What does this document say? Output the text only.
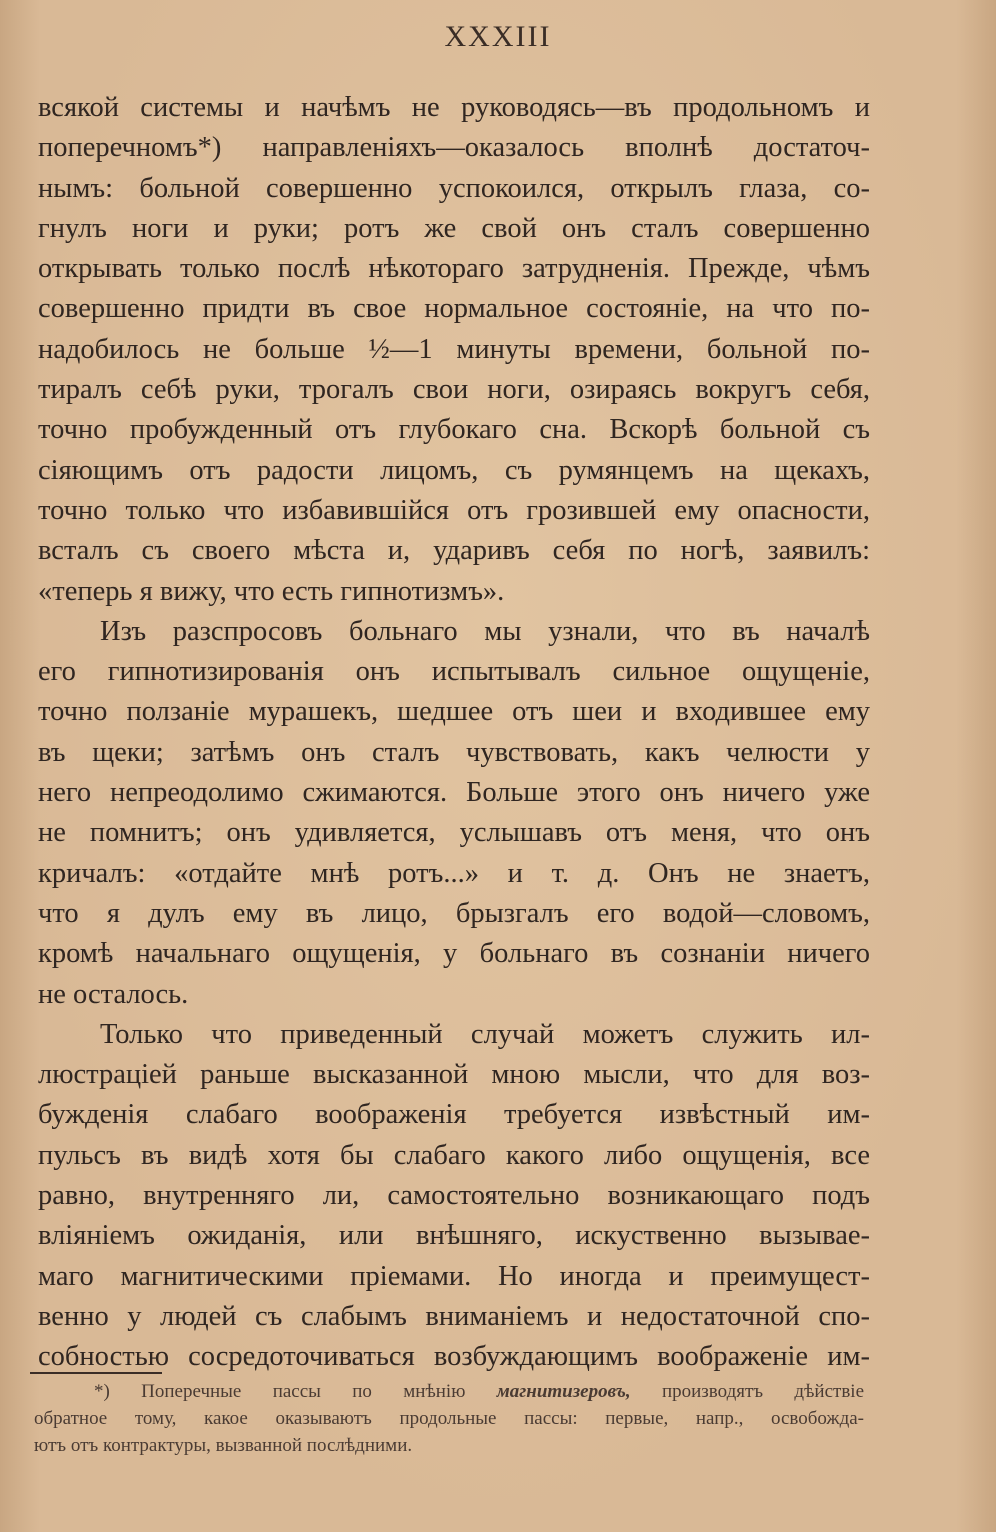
XXXIII
всякой системы и начѣмъ не руководясь—въ продольномъ и
поперечномъ*) направленіяхъ—оказалось вполнѣ достаточ-
нымъ: больной совершенно успокоился, открылъ глаза, со-
гнулъ ноги и руки; ротъ же свой онъ сталъ совершенно
открывать только послѣ нѣкотораго затрудненія. Прежде, чѣмъ
совершенно придти въ свое нормальное состояніе, на что по-
надобилось не больше ½—1 минуты времени, больной по-
тиралъ себѣ руки, трогалъ свои ноги, озираясь вокругъ себя,
точно пробужденный отъ глубокаго сна. Вскорѣ больной съ
сіяющимъ отъ радости лицомъ, съ румянцемъ на щекахъ,
точно только что избавившійся отъ грозившей ему опасности,
всталъ съ своего мѣста и, ударивъ себя по ногѣ, заявилъ:
«теперь я вижу, что есть гипнотизмъ».
Изъ разспросовъ больнаго мы узнали, что въ началѣ
его гипнотизированія онъ испытывалъ сильное ощущеніе,
точно ползаніе мурашекъ, шедшее отъ шеи и входившее ему
въ щеки; затѣмъ онъ сталъ чувствовать, какъ челюсти у
него непреодолимо сжимаются. Больше этого онъ ничего уже
не помнитъ; онъ удивляется, услышавъ отъ меня, что онъ
кричалъ: «отдайте мнѣ ротъ...» и т. д. Онъ не знаетъ,
что я дулъ ему въ лицо, брызгалъ его водой—словомъ,
кромѣ начальнаго ощущенія, у больнаго въ сознаніи ничего
не осталось.
Только что приведенный случай можетъ служить ил-
люстраціей раньше высказанной мною мысли, что для воз-
бужденія слабаго воображенія требуется извѣстный им-
пульсъ въ видѣ хотя бы слабаго какого либо ощущенія, все
равно, внутренняго ли, самостоятельно возникающаго подъ
вліяніемъ ожиданія, или внѣшняго, искуственно вызывае-
маго магнитическими пріемами. Но иногда и преимущест-
венно у людей съ слабымъ вниманіемъ и недостаточной спо-
собностью сосредоточиваться возбуждающимъ воображеніе им-
*) Поперечные пассы по мнѣнію магнитизеровъ, производятъ дѣйствіе
обратное тому, какое оказываютъ продольные пассы: первые, напр., освобожда-
ютъ отъ контрактуры, вызванной послѣдними.
